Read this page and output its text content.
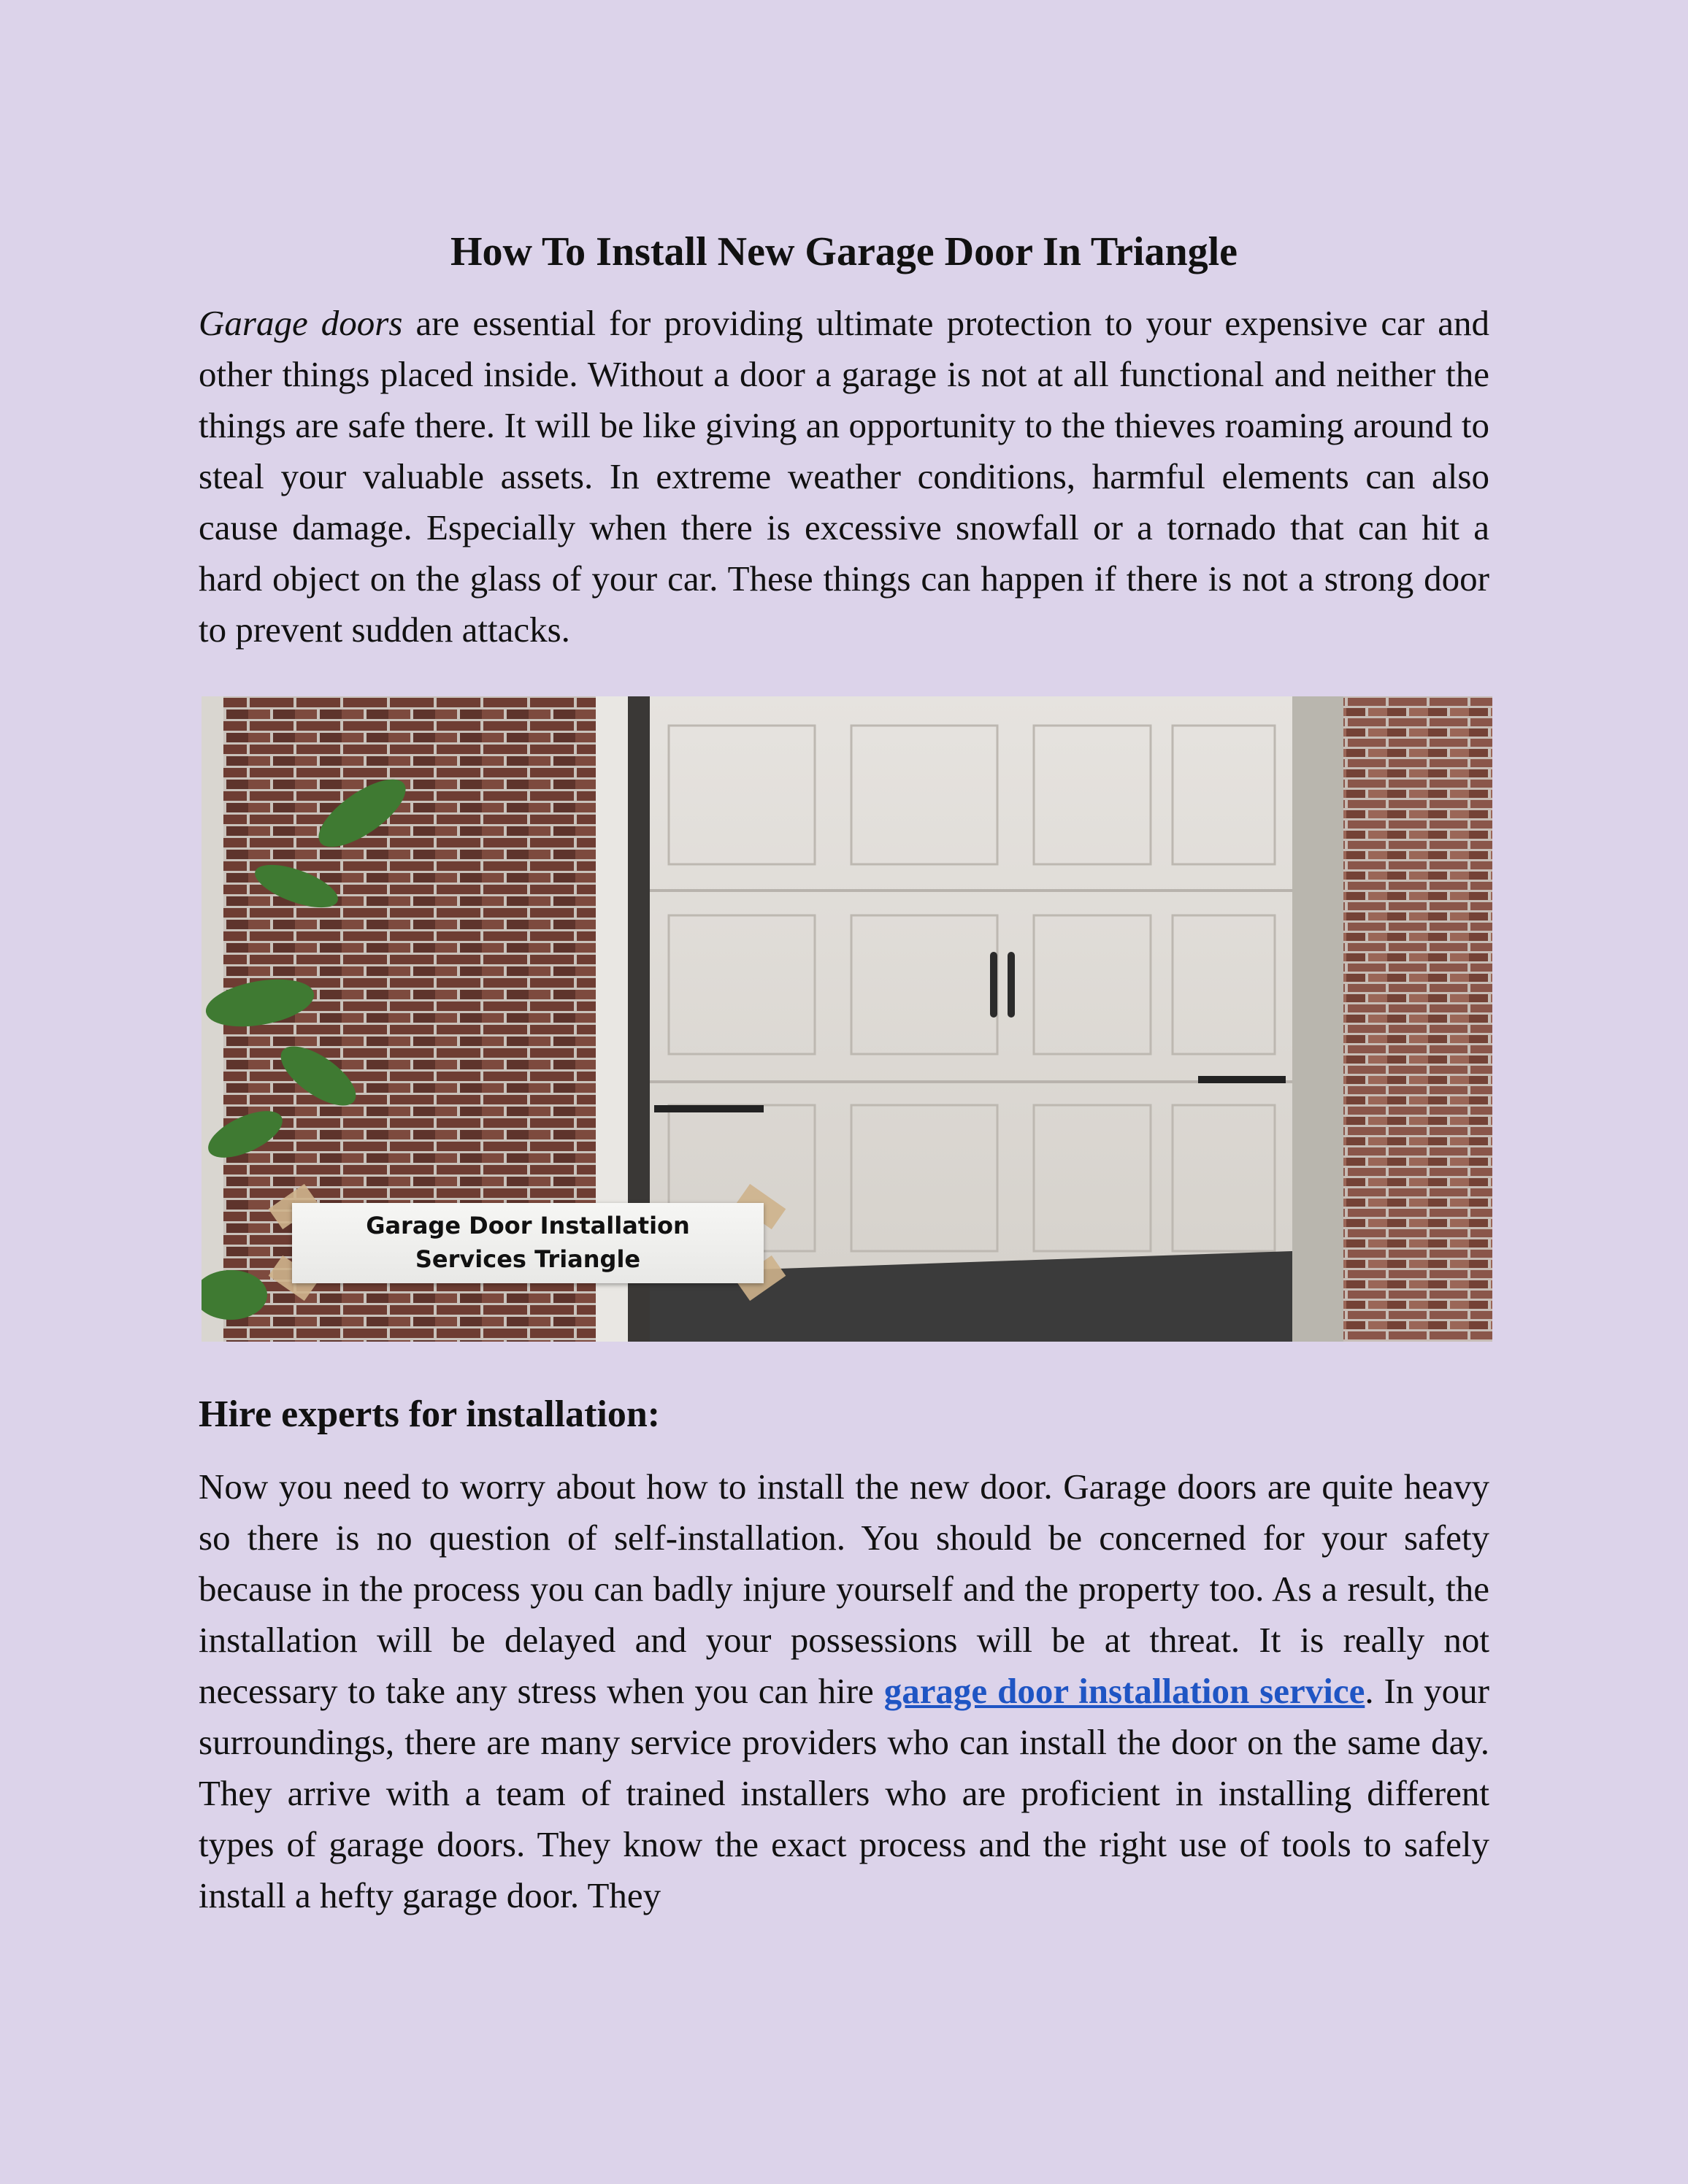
How To Install New Garage Door In Triangle

Garage doors are essential for providing ultimate protection to your expensive car and other things placed inside. Without a door a garage is not at all functional and neither the things are safe there. It will be like giving an opportunity to the thieves roaming around to steal your valuable assets. In extreme weather conditions, harmful elements can also cause damage. Especially when there is excessive snowfall or a tornado that can hit a hard object on the glass of your car. These things can happen if there is not a strong door to prevent sudden attacks.

Garage Door Installation
Services Triangle
Hire experts for installation:

Now you need to worry about how to install the new door. Garage doors are quite heavy so there is no question of self-installation. You should be concerned for your safety because in the process you can badly injure yourself and the property too. As a result, the installation will be delayed and your possessions will be at threat. It is really not necessary to take any stress when you can hire garage door installation service. In your surroundings, there are many service providers who can install the door on the same day. They arrive with a team of trained installers who are proficient in installing different types of garage doors. They know the exact process and the right use of tools to safely install a hefty garage door. They
